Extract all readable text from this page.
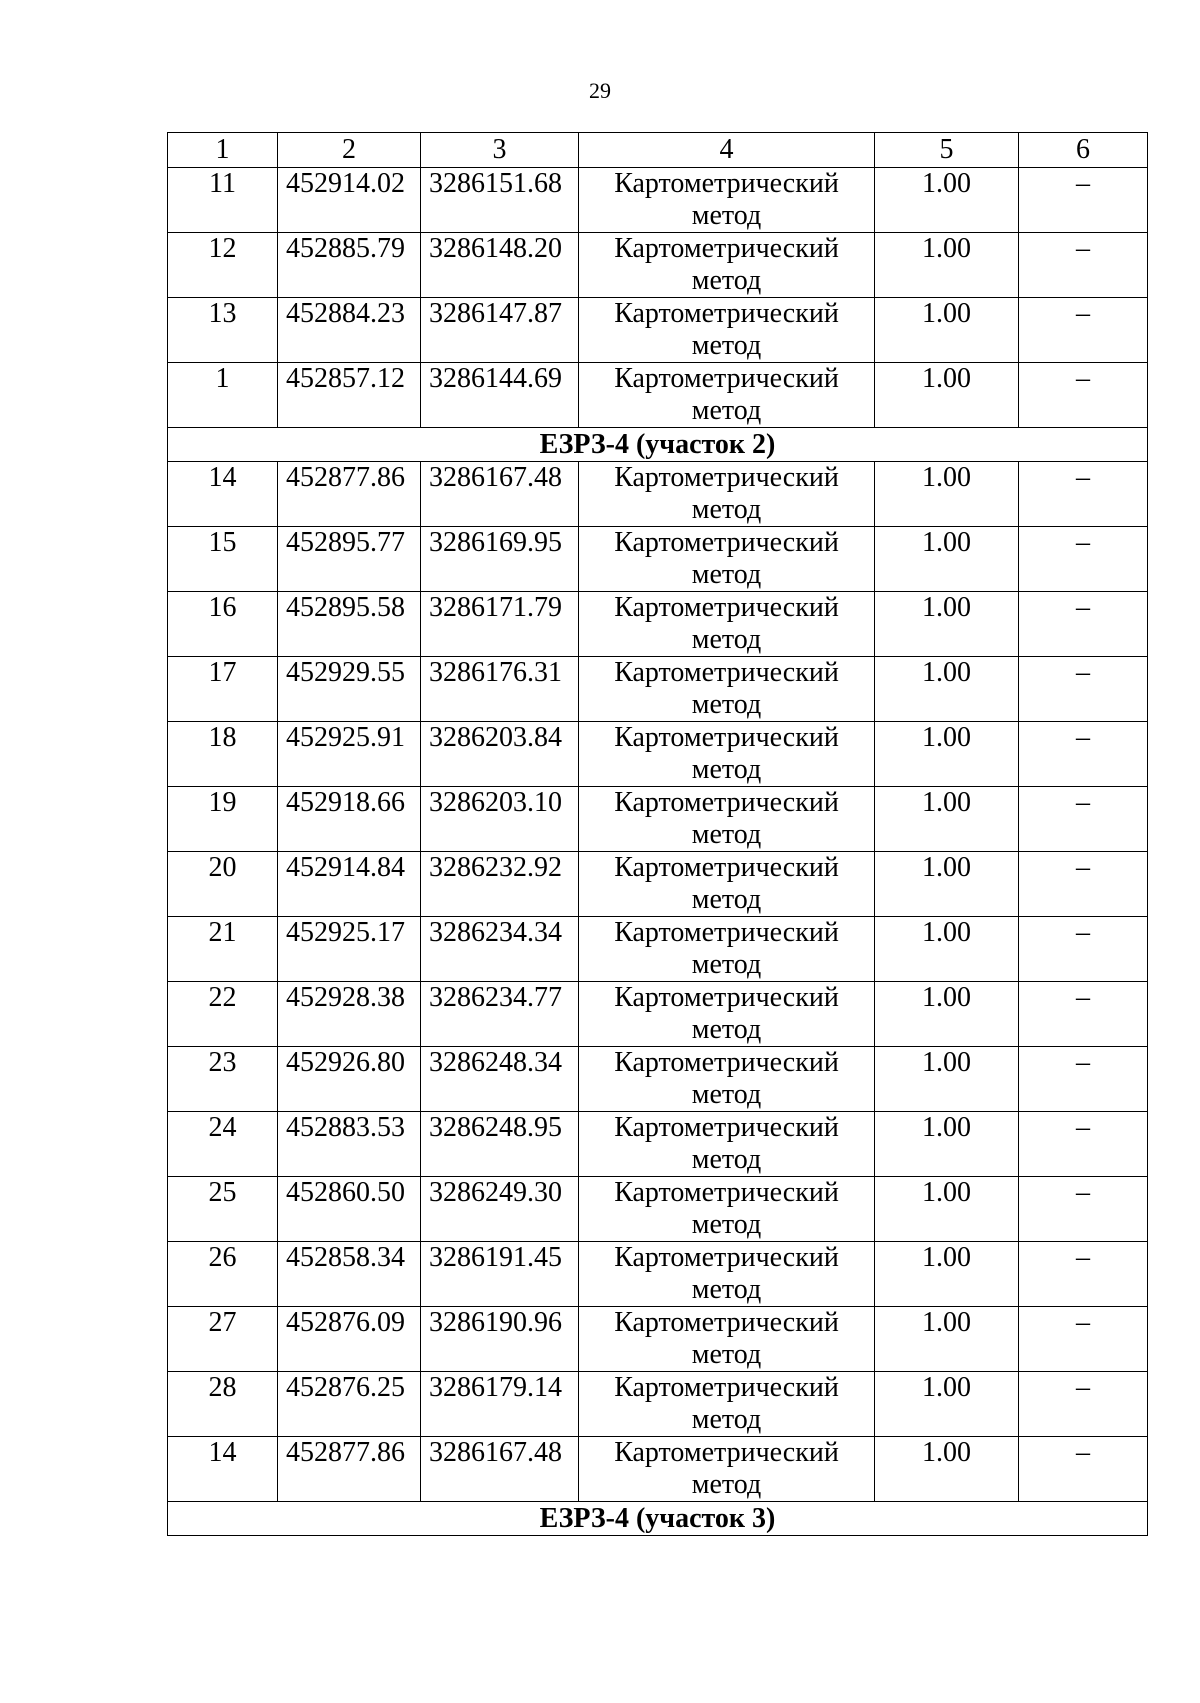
29
1	2	3	4	5	6
11	452914.02	3286151.68	Картометрический метод	1.00	–
12	452885.79	3286148.20	Картометрический метод	1.00	–
13	452884.23	3286147.87	Картометрический метод	1.00	–
1	452857.12	3286144.69	Картометрический метод	1.00	–
ЕЗРЗ-4 (участок 2)					
14	452877.86	3286167.48	Картометрический метод	1.00	–
15	452895.77	3286169.95	Картометрический метод	1.00	–
16	452895.58	3286171.79	Картометрический метод	1.00	–
17	452929.55	3286176.31	Картометрический метод	1.00	–
18	452925.91	3286203.84	Картометрический метод	1.00	–
19	452918.66	3286203.10	Картометрический метод	1.00	–
20	452914.84	3286232.92	Картометрический метод	1.00	–
21	452925.17	3286234.34	Картометрический метод	1.00	–
22	452928.38	3286234.77	Картометрический метод	1.00	–
23	452926.80	3286248.34	Картометрический метод	1.00	–
24	452883.53	3286248.95	Картометрический метод	1.00	–
25	452860.50	3286249.30	Картометрический метод	1.00	–
26	452858.34	3286191.45	Картометрический метод	1.00	–
27	452876.09	3286190.96	Картометрический метод	1.00	–
28	452876.25	3286179.14	Картометрический метод	1.00	–
14	452877.86	3286167.48	Картометрический метод	1.00	–
ЕЗРЗ-4 (участок 3)					
